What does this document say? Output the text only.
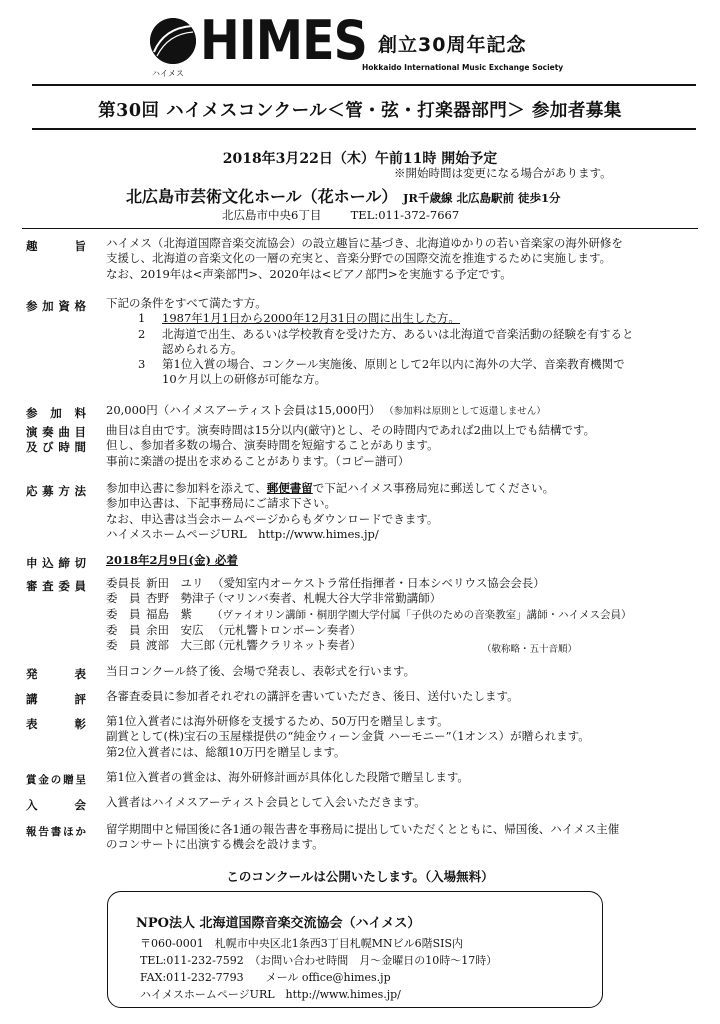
HIMES
ハイメス
創立30周年記念
Hokkaido International Music Exchange Society
第30回 ハイメスコンクール＜管・弦・打楽器部門＞ 参加者募集
2018年3月22日（木）午前11時 開始予定
※開始時間は変更になる場合があります。
北広島市芸術文化ホール（花ホール） JR千歳線 北広島駅前 徒歩1分
北広島市中央6丁目	TEL:011-372-7667
趣旨 ハイメス（北海道国際音楽交流協会）の設立趣旨に基づき、北海道ゆかりの若い音楽家の海外研修を
支援し、北海道の音楽文化の一層の充実と、音楽分野での国際交流を推進するために実施します。
なお、2019年は<声楽部門>、2020年は<ピアノ部門>を実施する予定です。
参加資格 下記の条件をすべて満たす方。
1 1987年1月1日から2000年12月31日の間に出生した方。
2 北海道で出生、あるいは学校教育を受けた方、あるいは北海道で音楽活動の経験を有すると
認められる方。
3 第1位入賞の場合、コンクール実施後、原則として2年以内に海外の大学、音楽教育機関で
10ケ月以上の研修が可能な方。
参加料 20,000円（ハイメスアーティスト会員は15,000円） （参加料は原則として返還しません）
演奏曲目
及び時間
曲目は自由です。演奏時間は15分以内(厳守)とし、その時間内であれば2曲以上でも結構です。
但し、参加者多数の場合、演奏時間を短縮することがあります。
事前に楽譜の提出を求めることがあります。（コピー譜可）
応募方法 参加申込書に参加料を添えて、郵便書留で下記ハイメス事務局宛に郵送してください。
参加申込書は、下記事務局にご請求下さい。
なお、申込書は当会ホームページからもダウンロードできます。
ハイメスホームページURL　http://www.himes.jp/
申込締切 2018年2月9日(金) 必着
審査委員 委員長 新田　ユリ （愛知室内オーケストラ常任指揮者・日本シベリウス協会会長）
委　員 杏野　勢津子（マリンバ奏者、札幌大谷大学非常勤講師）
委　員 福島　紫 （ヴァイオリン講師・桐朋学園大学付属「子供のための音楽教室」講師・ハイメス会員）
委　員 余田　安広 （元札響トロンボーン奏者）
委　員 渡部　大三郎（元札響クラリネット奏者）	（敬称略・五十音順）
発表 当日コンクール終了後、会場で発表し、表彰式を行います。
講評 各審査委員に参加者それぞれの講評を書いていただき、後日、送付いたします。
表彰 第1位入賞者には海外研修を支援するため、50万円を贈呈します。
副賞として(株)宝石の玉屋様提供の“純金ウィーン金貨 ハーモニー”（1オンス）が贈られます。
第2位入賞者には、総額10万円を贈呈します。
賞金の贈呈 第1位入賞者の賞金は、海外研修計画が具体化した段階で贈呈します。
入会 入賞者はハイメスアーティスト会員として入会いただきます。
報告書ほか 留学期間中と帰国後に各1通の報告書を事務局に提出していただくとともに、帰国後、ハイメス主催
のコンサートに出演する機会を設けます。
このコンクールは公開いたします。（入場無料）
NPO法人 北海道国際音楽交流協会（ハイメス）
〒060-0001　札幌市中央区北1条西3丁目札幌MNビル6階SIS内
TEL:011-232-7592　（お問い合わせ時間　月～金曜日の10時～17時）
FAX:011-232-7793　　メール office@himes.jp
ハイメスホームページURL　http://www.himes.jp/
